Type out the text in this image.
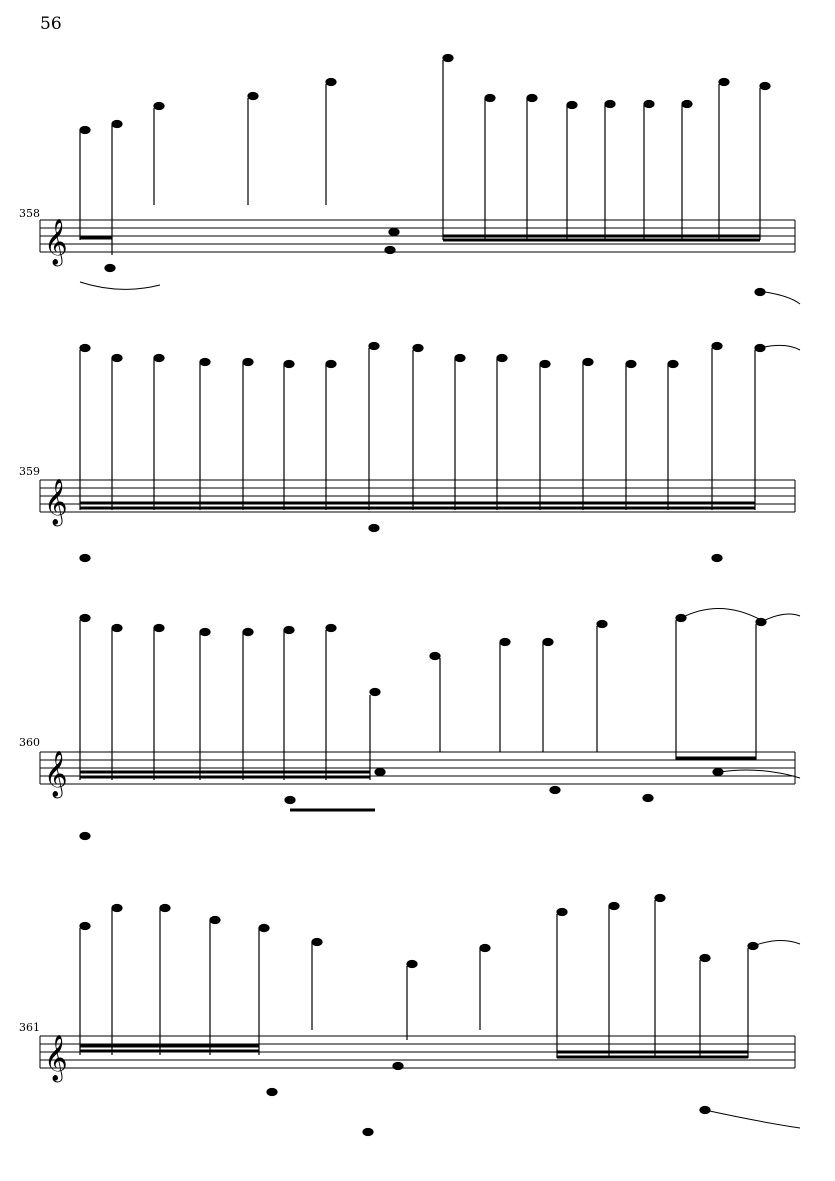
56
358
𝄞
359
𝄞
360
𝄞
361
𝄞
